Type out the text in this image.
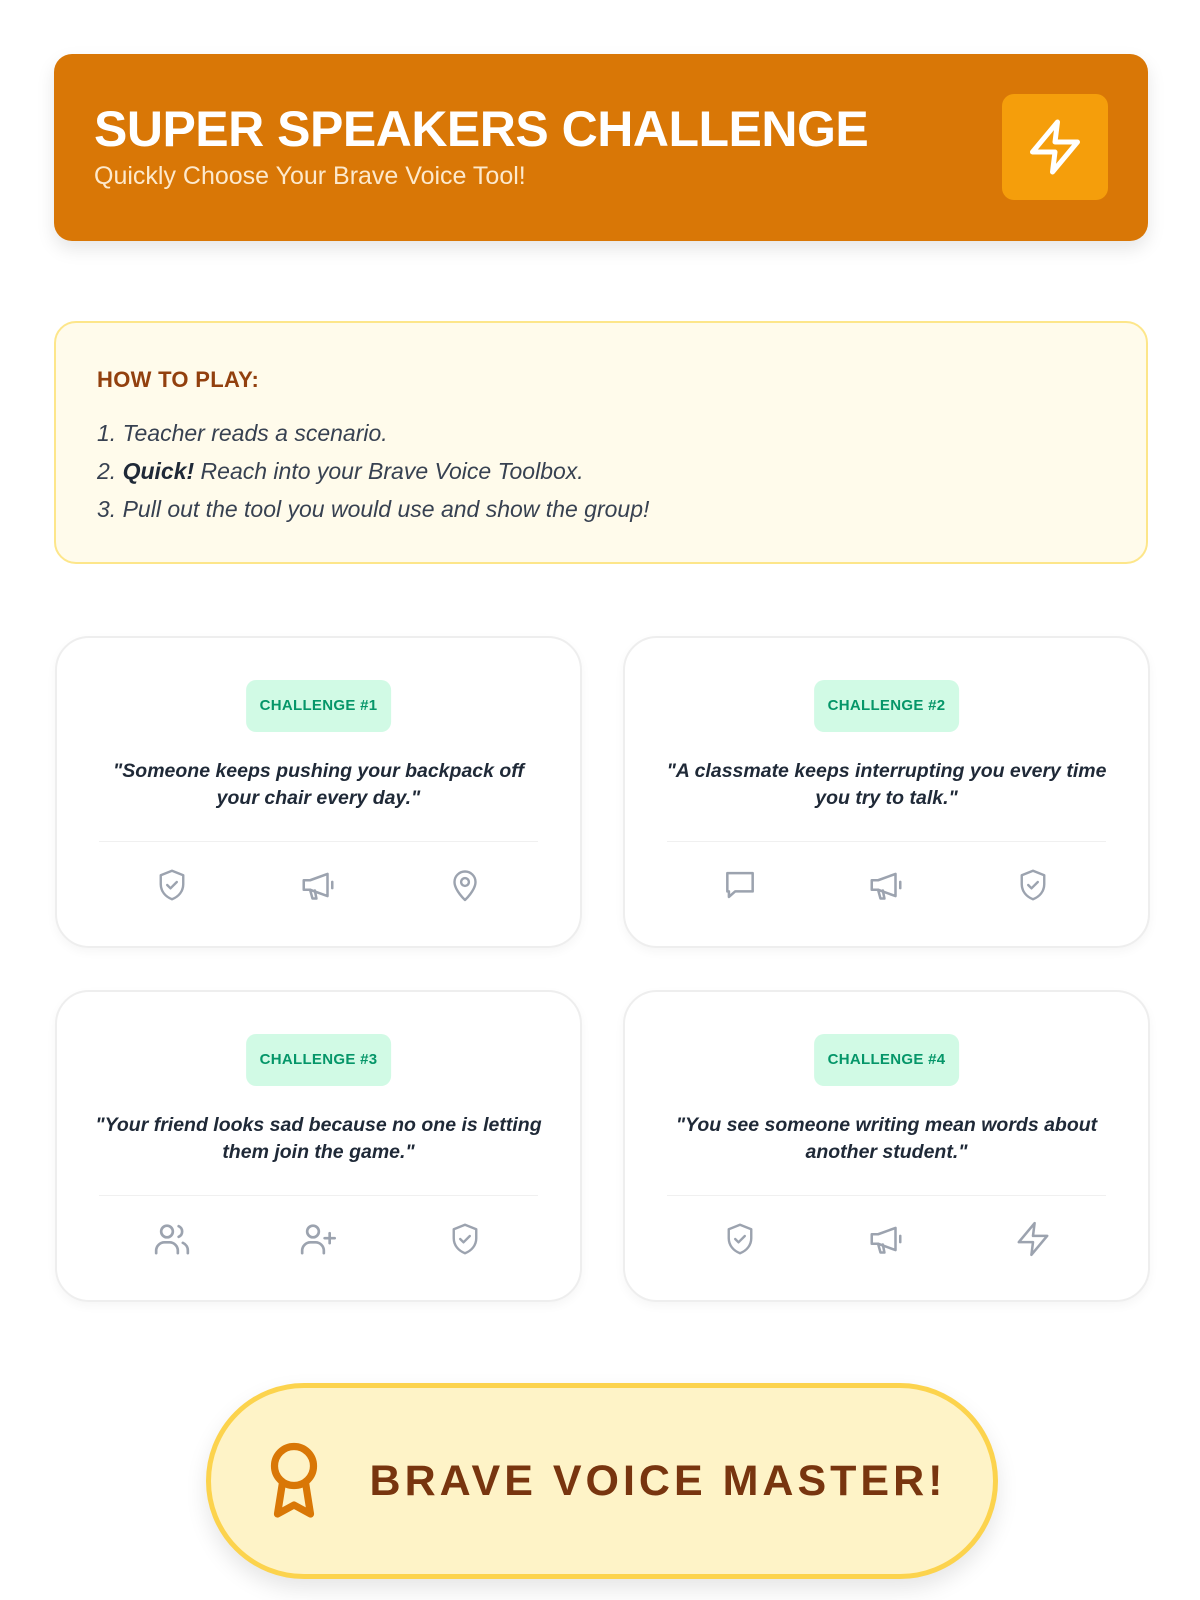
SUPER SPEAKERS CHALLENGE
Quickly Choose Your Brave Voice Tool!
HOW TO PLAY:
1. Teacher reads a scenario.
2. Quick! Reach into your Brave Voice Toolbox.
3. Pull out the tool you would use and show the group!
CHALLENGE #1
"Someone keeps pushing your backpack off your chair every day."
CHALLENGE #2
"A classmate keeps interrupting you every time you try to talk."
CHALLENGE #3
"Your friend looks sad because no one is letting them join the game."
CHALLENGE #4
"You see someone writing mean words about another student."
BRAVE VOICE MASTER!
